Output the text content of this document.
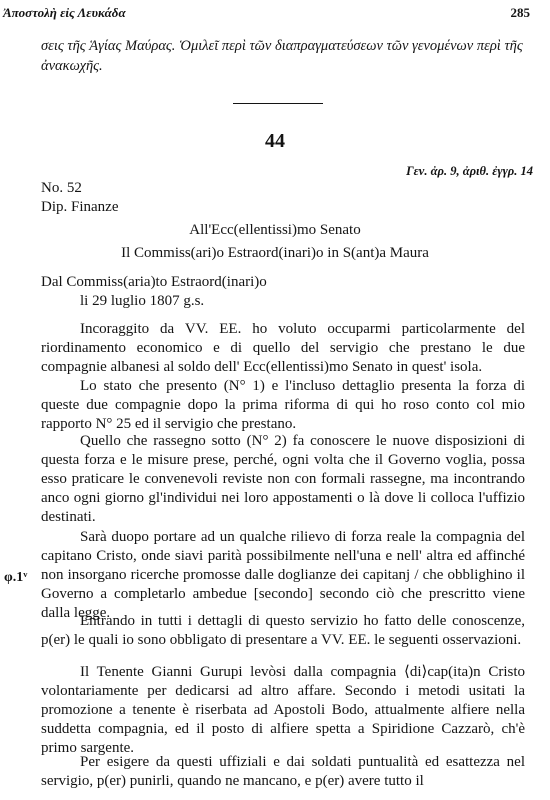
Ἀποστολὴ εἰς Λευκάδα	285

σεις τῆς Ἁγίας Μαύρας. Ὁμιλεῖ περὶ τῶν διαπραγματεύσεων τῶν γενομένων περὶ τῆς ἀνακωχῆς.

44
Γεν. ἀρ. 9, ἀριθ. ἐγγρ. 14
No. 52
Dip. Finanze
All'Ecc(ellentissi)mo Senato
Il Commiss(ari)o Estraord(inari)o in S(ant)a Maura
Dal Commiss(aria)to Estraord(inari)o
li 29 luglio 1807 g.s.

Incoraggito da VV. EE. ho voluto occuparmi particolarmente del riordinamento economico e di quello del servigio che prestano le due compagnie albanesi al soldo dell' Ecc(ellentissi)mo Senato in quest' isola.

Lo stato che presento (N° 1) e l'incluso dettaglio presenta la forza di queste due compagnie dopo la prima riforma di qui ho roso conto col mio rapporto N° 25 ed il servigio che prestano.

Quello che rassegno sotto (N° 2) fa conoscere le nuove disposizioni di questa forza e le misure prese, perché, ogni volta che il Governo voglia, possa esso praticare le convenevoli reviste non con formali rassegne, ma incontrando anco ogni giorno gl'individui nei loro appostamenti o là dove li colloca l'uffizio destinati.

Sarà duopo portare ad un qualche rilievo di forza reale la compagnia del capitano Cristo, onde siavi parità possibilmente nell'una e nell' altra ed affinché non insorgano ricerche promosse dalle doglianze dei capitanj / che obblighino il Governo a completarlo ambedue [secondo] secondo ciò che prescritto viene dalla legge.

φ.1ᵛ

Entrando in tutti i dettagli di questo servizio ho fatto delle conoscenze, p(er) le quali io sono obbligato di presentare a VV. EE. le seguenti osservazioni.

Il Tenente Gianni Gurupi levòsi dalla compagnia ⟨di⟩cap(ita)n Cristo volontariamente per dedicarsi ad altro affare. Secondo i metodi usitati la promozione a tenente è riserbata ad Apostoli Bodo, attualmente alfiere nella suddetta compagnia, ed il posto di alfiere spetta a Spiridione Cazzarò, ch'è primo sargente.

Per esigere da questi uffiziali e dai soldati puntualità ed esattezza nel servigio, p(er) punirli, quando ne mancano, e p(er) avere tutto il
